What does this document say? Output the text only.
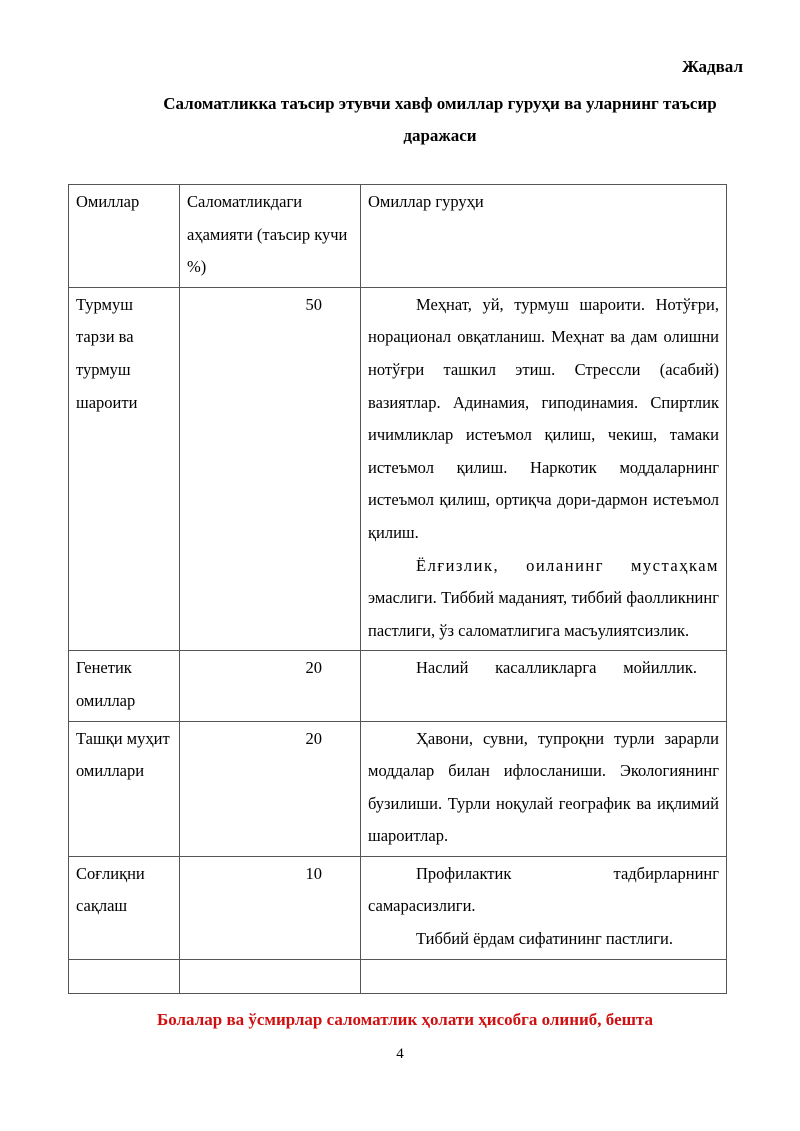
Жадвал
Саломатликка таъсир этувчи хавф омиллар гуруҳи ва уларнинг таъсир
даражаси
Омиллар	Саломатликдаги аҳамияти (таъсир кучи %)	Омиллар гуруҳи
Турмуш тарзи ва турмуш шароити	50	Меҳнат, уй, турмуш шароити. Нотўғри, норационал овқатланиш. Меҳнат ва дам олишни нотўғри ташкил этиш. Стрессли (асабий) вазиятлар. Адинамия, гиподинамия. Спиртлик ичимликлар истеъмол қилиш, чекиш, тамаки истеъмол қилиш. Наркотик моддаларнинг истеъмол қилиш, ортиқча дори-дармон истеъмол қилиш.
Ёлғизлик, оиланинг мустаҳкам
эмаслиги. Тиббий маданият, тиббий фаолликнинг пастлиги, ўз саломатлигига масъулиятсизлик.

Генетик омиллар	20	Наслий касалликларга мойиллик.

Ташқи муҳит омиллари	20	Ҳавони, сувни, тупроқни турли зарарли моддалар билан ифлосланиши. Экологиянинг бузилиши. Турли ноқулай географик ва иқлимий шароитлар.

Соғлиқни сақлаш	10	Профилактик тадбирларнинг самарасизлиги.
Тиббий ёрдам сифатининг пастлиги.

Болалар ва ўсмирлар саломатлик ҳолати ҳисобга олиниб, бешта
4
